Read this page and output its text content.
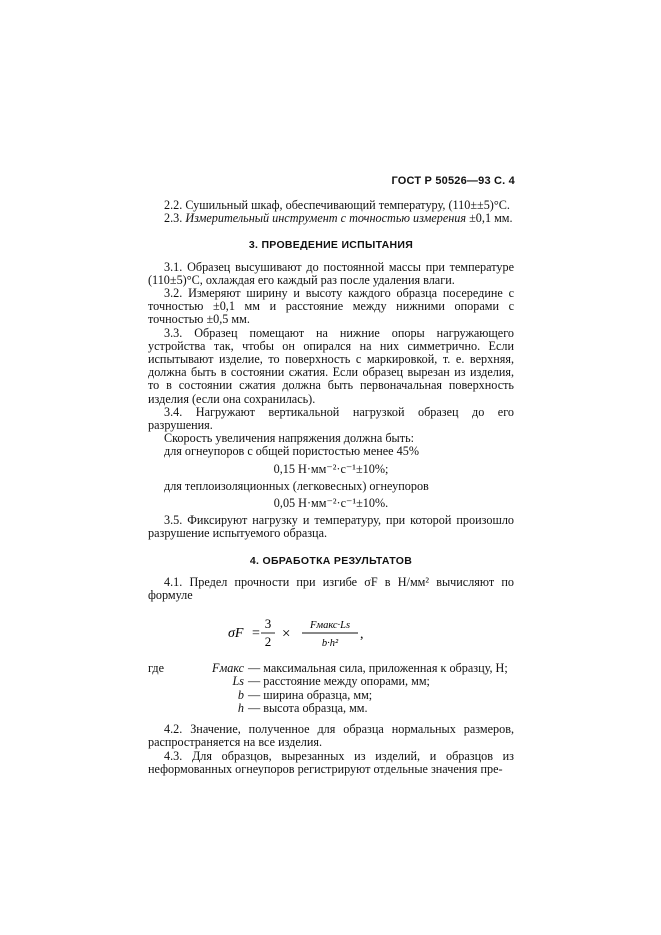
ГОСТ Р 50526—93 С. 4

2.2. Сушильный шкаф, обеспечивающий температуру, (110±±5)°С.

2.3. Измерительный инструмент с точностью измерения ±0,1 мм.

3. ПРОВЕДЕНИЕ ИСПЫТАНИЯ

3.1. Образец высушивают до постоянной массы при температуре (110±5)°С, охлаждая его каждый раз после удаления влаги.

3.2. Измеряют ширину и высоту каждого образца посередине с точностью ±0,1 мм и расстояние между нижними опорами с точностью ±0,5 мм.

3.3. Образец помещают на нижние опоры нагружающего устройства так, чтобы он опирался на них симметрично. Если испытывают изделие, то поверхность с маркировкой, т. е. верхняя, должна быть в состоянии сжатия. Если образец вырезан из изделия, то в состоянии сжатия должна быть первоначальная поверхность изделия (если она сохранилась).

3.4. Нагружают вертикальной нагрузкой образец до его разрушения.

Скорость увеличения напряжения должна быть:

для огнеупоров с общей пористостью менее 45%

0,15 Н·мм⁻²·с⁻¹±10%;

для теплоизоляционных (легковесных) огнеупоров

0,05 Н·мм⁻²·с⁻¹±10%.

3.5. Фиксируют нагрузку и температуру, при которой произошло разрушение испытуемого образца.

4. ОБРАБОТКА РЕЗУЛЬТАТОВ

4.1. Предел прочности при изгибе σF в Н/мм² вычисляют по формуле

σF =
3
2 ×
Fмакс·Ls
b·h²
,
где	Fмакс — максимальная сила, приложенная к образцу, Н;
Ls — расстояние между опорами, мм;
b — ширина образца, мм;
h — высота образца, мм.

4.2. Значение, полученное для образца нормальных размеров, распространяется на все изделия.

4.3. Для образцов, вырезанных из изделий, и образцов из неформованных огнеупоров регистрируют отдельные значения пре-
